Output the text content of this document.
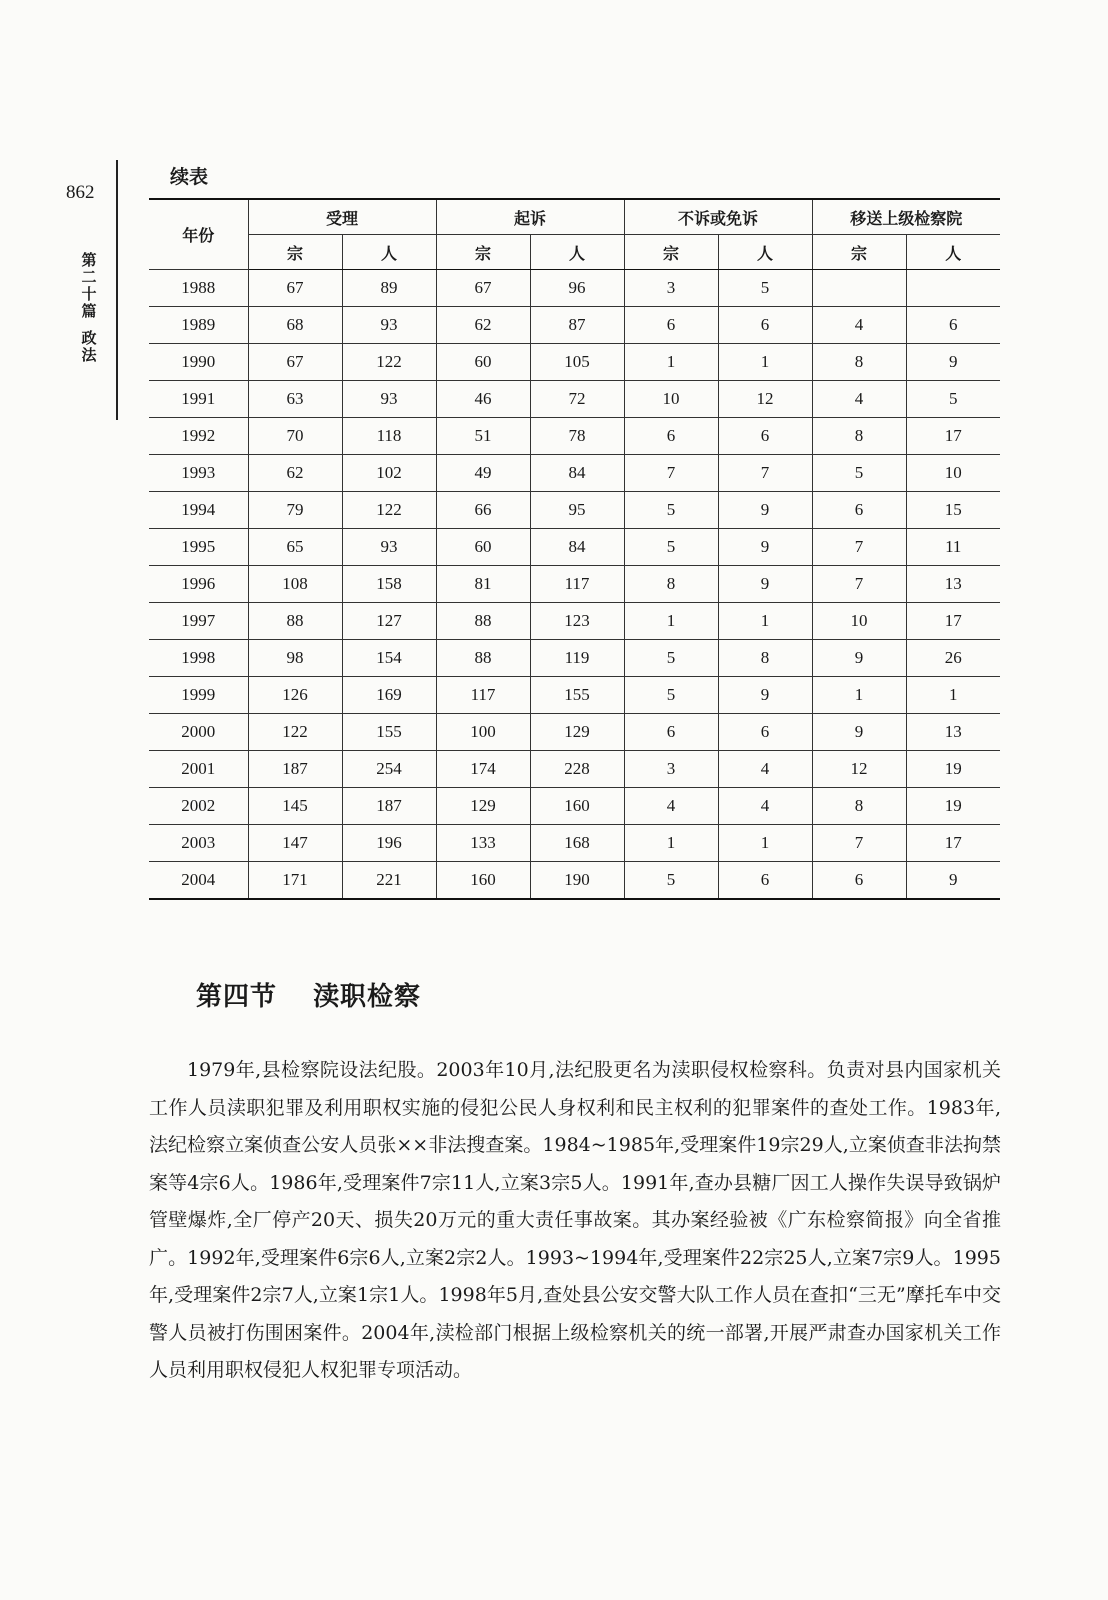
862
第
二
十
篇
政
法
续表
年份	受理		起诉		不诉或免诉		移送上级检察院	
	宗	人	宗	人	宗	人	宗	人
1988	67	89	67	96	3	5		
1989	68	93	62	87	6	6	4	6
1990	67	122	60	105	1	1	8	9
1991	63	93	46	72	10	12	4	5
1992	70	118	51	78	6	6	8	17
1993	62	102	49	84	7	7	5	10
1994	79	122	66	95	5	9	6	15
1995	65	93	60	84	5	9	7	11
1996	108	158	81	117	8	9	7	13
1997	88	127	88	123	1	1	10	17
1998	98	154	88	119	5	8	9	26
1999	126	169	117	155	5	9	1	1
2000	122	155	100	129	6	6	9	13
2001	187	254	174	228	3	4	12	19
2002	145	187	129	160	4	4	8	19
2003	147	196	133	168	1	1	7	17
2004	171	221	160	190	5	6	6	9
第四节 渎职检察
1979年,县检察院设法纪股。2003年10月,法纪股更名为渎职侵权检察科。负责对县内国家机关工作人员渎职犯罪及利用职权实施的侵犯公民人身权利和民主权利的犯罪案件的查处工作。1983年,法纪检察立案侦查公安人员张××非法搜查案。1984~1985年,受理案件19宗29人,立案侦查非法拘禁案等4宗6人。1986年,受理案件7宗11人,立案3宗5人。1991年,查办县糖厂因工人操作失误导致锅炉管壁爆炸,全厂停产20天、损失20万元的重大责任事故案。其办案经验被《广东检察简报》向全省推广。1992年,受理案件6宗6人,立案2宗2人。1993~1994年,受理案件22宗25人,立案7宗9人。1995年,受理案件2宗7人,立案1宗1人。1998年5月,查处县公安交警大队工作人员在查扣“三无”摩托车中交警人员被打伤围困案件。2004年,渎检部门根据上级检察机关的统一部署,开展严肃查办国家机关工作人员利用职权侵犯人权犯罪专项活动。
